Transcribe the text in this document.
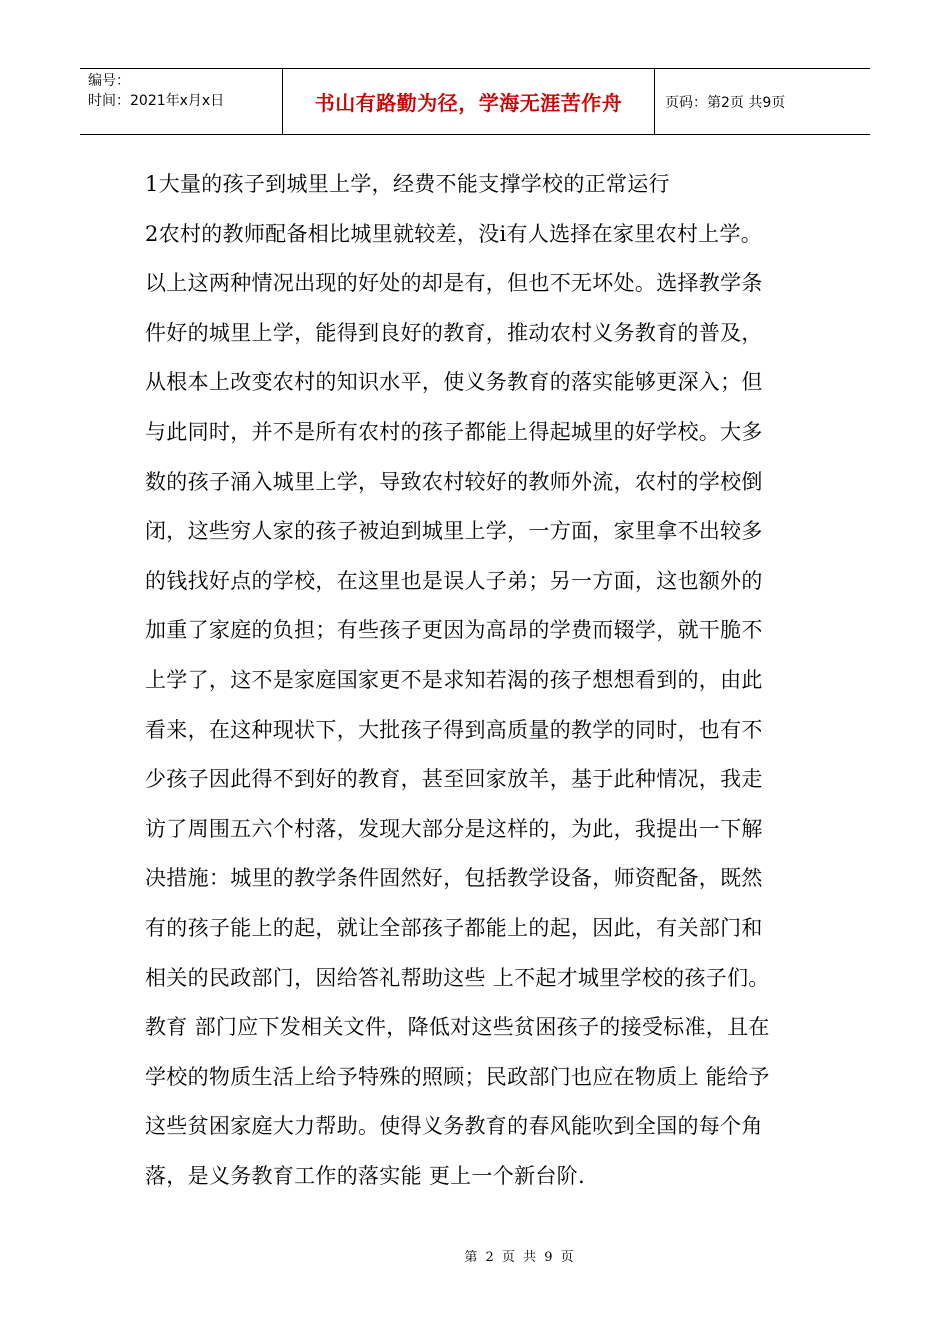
编号：
时间：2021年x月x日	书山有路勤为径，学海无涯苦作舟	页码：第2页 共9页

1大量的孩子到城里上学，经费不能支撑学校的正常运行

2农村的教师配备相比城里就较差，没i有人选择在家里农村上学。

以上这两种情况出现的好处的却是有，但也不无坏处。选择教学条

件好的城里上学，能得到良好的教育，推动农村义务教育的普及，

从根本上改变农村的知识水平，使义务教育的落实能够更深入；但

与此同时，并不是所有农村的孩子都能上得起城里的好学校。大多

数的孩子涌入城里上学，导致农村较好的教师外流，农村的学校倒

闭，这些穷人家的孩子被迫到城里上学，一方面，家里拿不出较多

的钱找好点的学校，在这里也是误人子弟；另一方面，这也额外的

加重了家庭的负担；有些孩子更因为高昂的学费而辍学，就干脆不

上学了，这不是家庭国家更不是求知若渴的孩子想想看到的，由此

看来，在这种现状下，大批孩子得到高质量的教学的同时，也有不

少孩子因此得不到好的教育，甚至回家放羊，基于此种情况，我走

访了周围五六个村落，发现大部分是这样的，为此，我提出一下解

决措施：城里的教学条件固然好，包括教学设备，师资配备，既然

有的孩子能上的起，就让全部孩子都能上的起，因此，有关部门和

相关的民政部门，因给答礼帮助这些 上不起才城里学校的孩子们。

教育 部门应下发相关文件，降低对这些贫困孩子的接受标准，且在

学校的物质生活上给予特殊的照顾；民政部门也应在物质上 能给予

这些贫困家庭大力帮助。使得义务教育的春风能吹到全国的每个角

落，是义务教育工作的落实能 更上一个新台阶.

第 2 页 共 9 页
